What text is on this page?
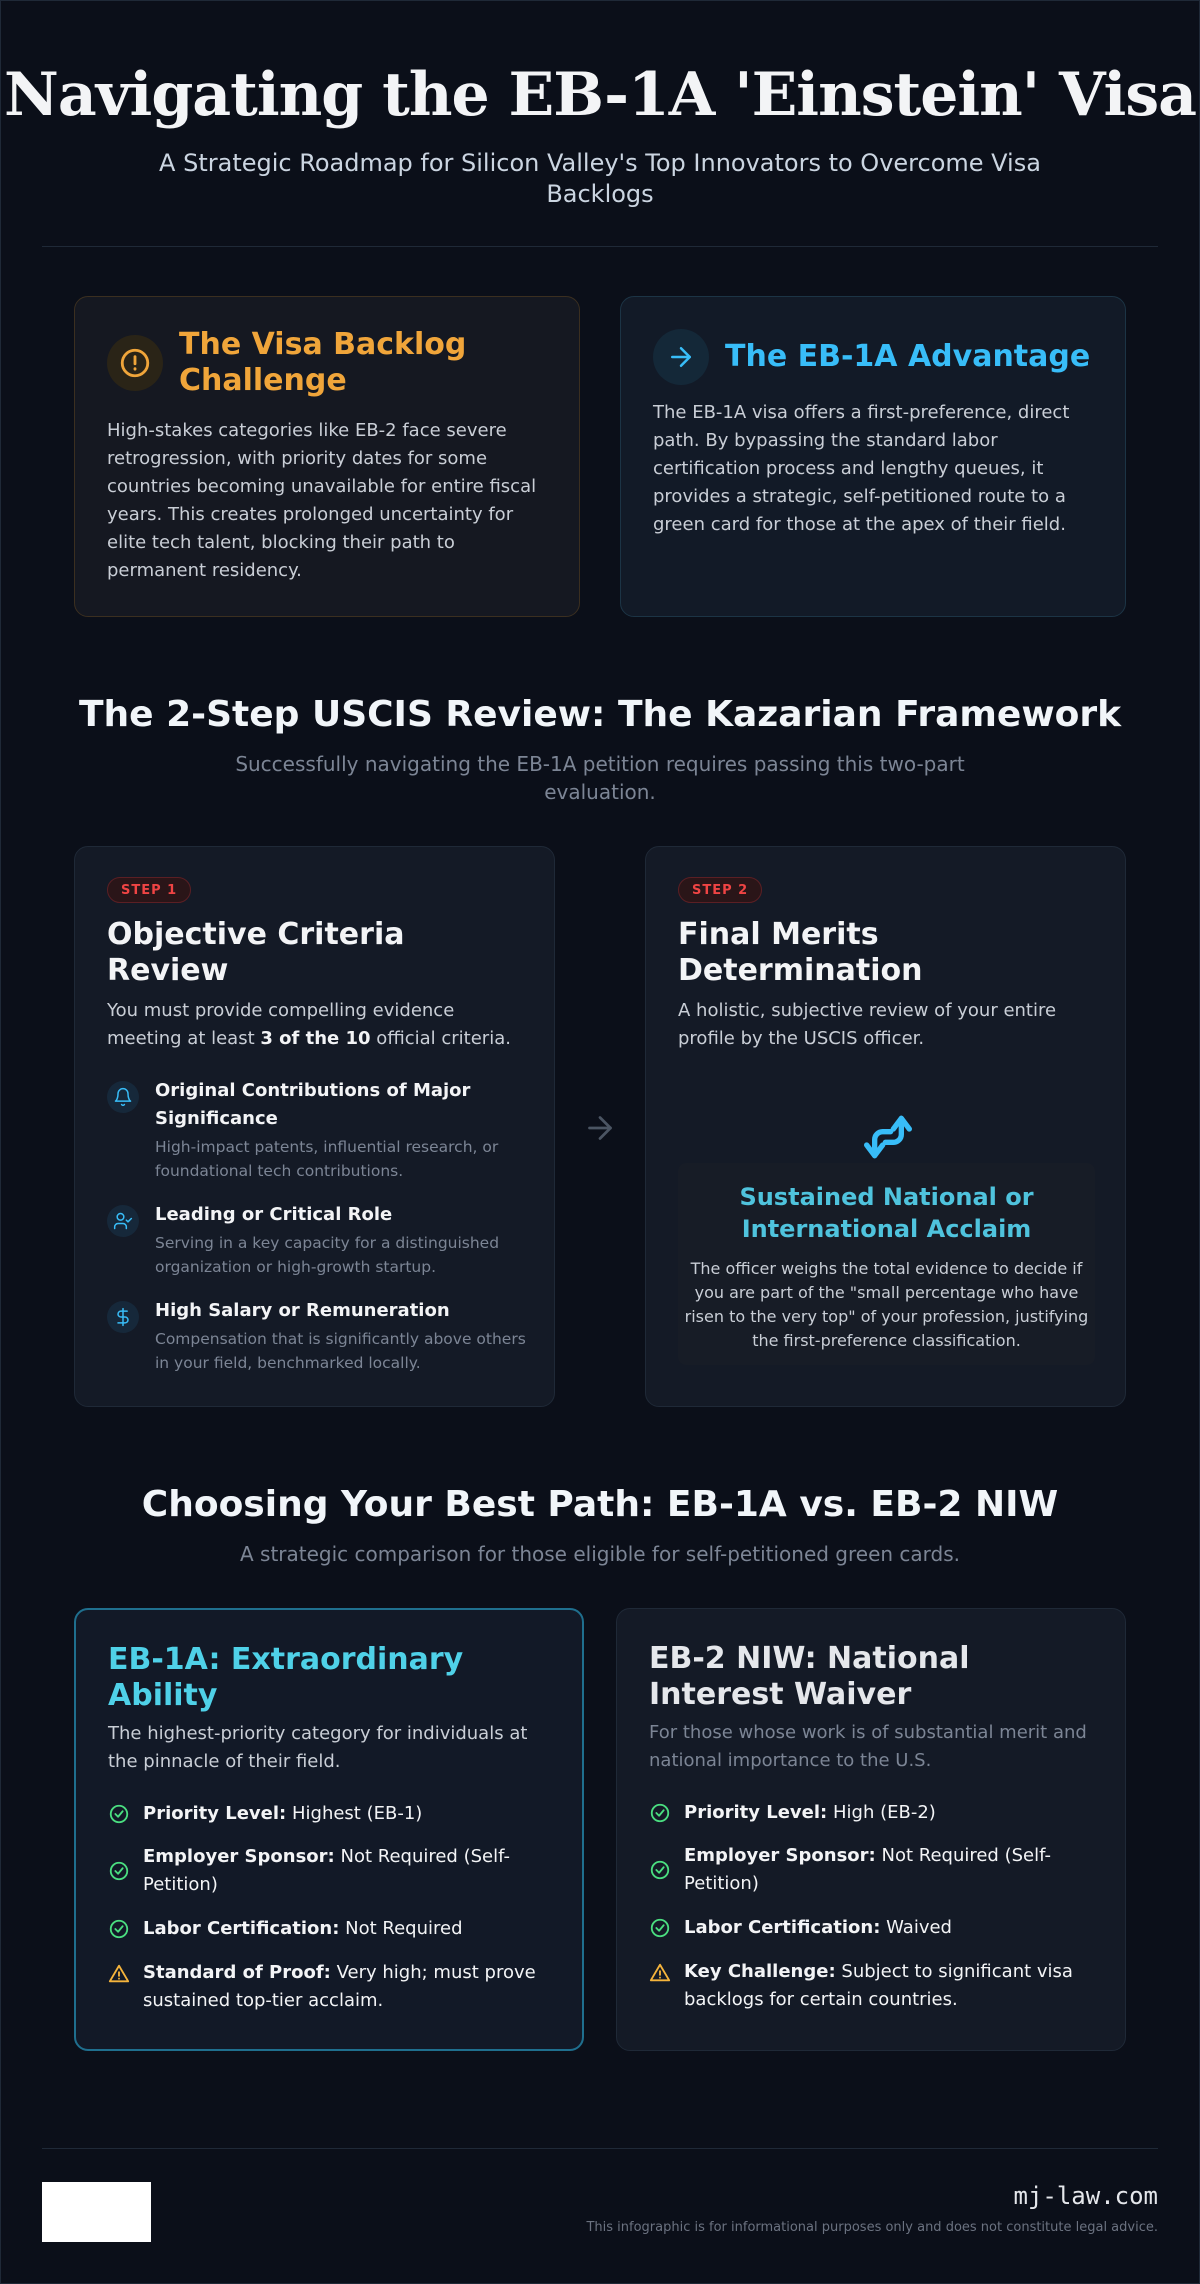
Navigating the EB-1A 'Einstein' Visa

A Strategic Roadmap for Silicon Valley's Top Innovators to Overcome Visa Backlogs

The Visa Backlog Challenge
High-stakes categories like EB-2 face severe retrogression, with priority dates for some countries becoming unavailable for entire fiscal years. This creates prolonged uncertainty for elite tech talent, blocking their path to permanent residency.
The EB-1A Advantage
The EB-1A visa offers a first-preference, direct path. By bypassing the standard labor certification process and lengthy queues, it provides a strategic, self-petitioned route to a green card for those at the apex of their field.
The 2-Step USCIS Review: The Kazarian Framework

Successfully navigating the EB-1A petition requires passing this two-part evaluation.

STEP 1
Objective Criteria Review
You must provide compelling evidence meeting at least 3 of the 10 official criteria.
Original Contributions of Major Significance
High-impact patents, influential research, or foundational tech contributions.
Leading or Critical Role
Serving in a key capacity for a distinguished organization or high-growth startup.
High Salary or Remuneration
Compensation that is significantly above others in your field, benchmarked locally.
STEP 2
Final Merits Determination
A holistic, subjective review of your entire profile by the USCIS officer.
Sustained National or International Acclaim
The officer weighs the total evidence to decide if you are part of the "small percentage who have risen to the very top" of your profession, justifying the first-preference classification.
Choosing Your Best Path: EB-1A vs. EB-2 NIW

A strategic comparison for those eligible for self-petitioned green cards.

EB-1A: Extraordinary Ability
The highest-priority category for individuals at the pinnacle of their field.
Priority Level: Highest (EB-1)
Employer Sponsor: Not Required (Self-Petition)
Labor Certification: Not Required
Standard of Proof: Very high; must prove sustained top-tier acclaim.
EB-2 NIW: National Interest Waiver
For those whose work is of substantial merit and national importance to the U.S.
Priority Level: High (EB-2)
Employer Sponsor: Not Required (Self-Petition)
Labor Certification: Waived
Key Challenge: Subject to significant visa backlogs for certain countries.
mj-law.com
This infographic is for informational purposes only and does not constitute legal advice.
